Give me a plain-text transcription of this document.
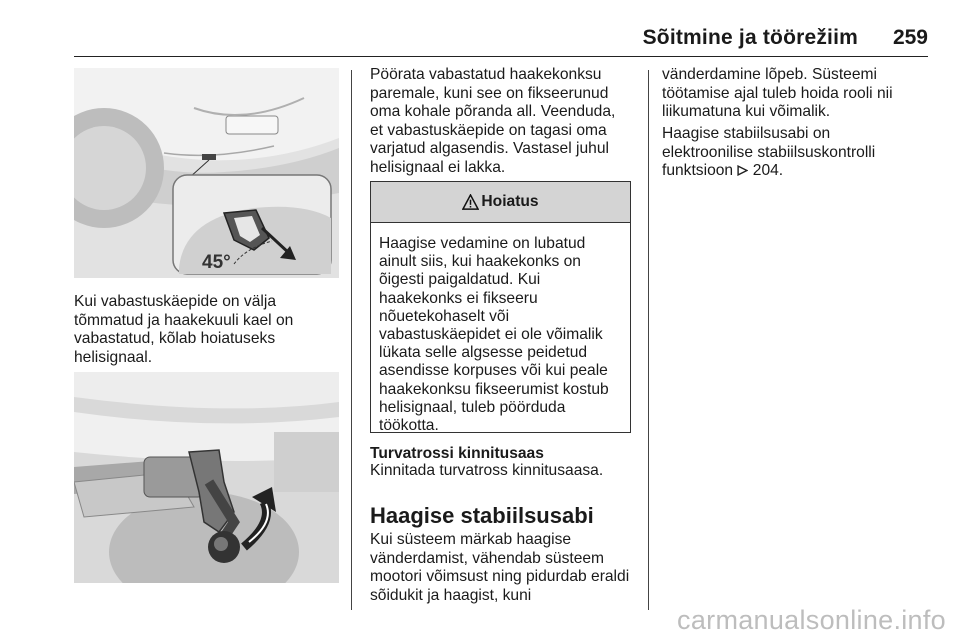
Sõitmine ja töörežiim 259
45°

Kui vabastuskäepide on välja

tõmmatud ja haakekuuli kael on

vabastatud, kõlab hoiatuseks

helisignaal.

Pöörata vabastatud haakekonksu

paremale, kuni see on fikseerunud

oma kohale põranda all. Veenduda,

et vabastuskäepide on tagasi oma

varjatud algasendis. Vastasel juhul

helisignaal ei lakka.

Hoiatus

Haagise vedamine on lubatud

ainult siis, kui haakekonks on

õigesti paigaldatud. Kui

haakekonks ei fikseeru

nõuetekohaselt või

vabastuskäepidet ei ole võimalik

lükata selle algsesse peidetud

asendisse korpuses või kui peale

haakekonksu fikseerumist kostub

helisignaal, tuleb pöörduda

töökotta.

Turvatrossi kinnitusaas
Kinnitada turvatross kinnitusaasa.
Haagise stabiilsusabi

Kui süsteem märkab haagise

vänderdamist, vähendab süsteem

mootori võimsust ning pidurdab eraldi

sõidukit ja haagist, kuni

vänderdamine lõpeb. Süsteemi

töötamise ajal tuleb hoida rooli nii

liikumatuna kui võimalik.

Haagise stabiilsusabi on

elektroonilise stabiilsuskontrolli

funktsioon 204.

carmanualsonline.info
